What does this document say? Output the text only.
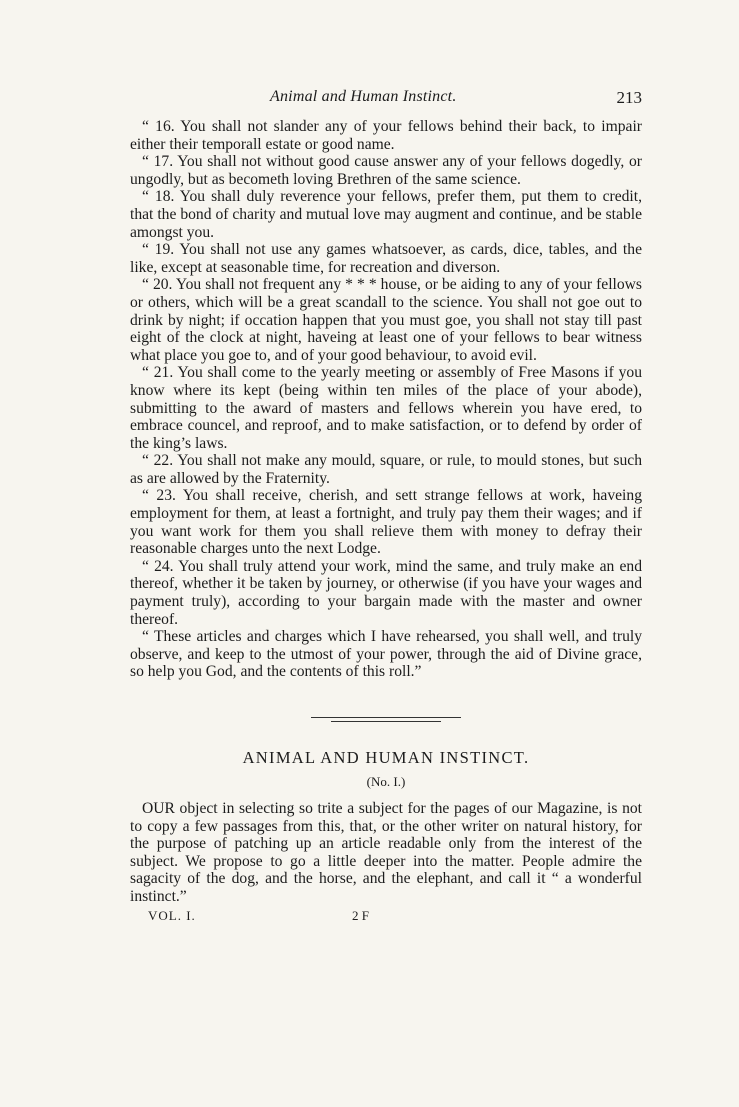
Animal and Human Instinct.	213

“ 16. You shall not slander any of your fellows behind their back, to impair either their temporall estate or good name.

“ 17. You shall not without good cause answer any of your fellows dogedly, or ungodly, but as becometh loving Brethren of the same science.

“ 18. You shall duly reverence your fellows, prefer them, put them to credit, that the bond of charity and mutual love may augment and continue, and be stable amongst you.

“ 19. You shall not use any games whatsoever, as cards, dice, tables, and the like, except at seasonable time, for recreation and diverson.

“ 20. You shall not frequent any * * * house, or be aiding to any of your fellows or others, which will be a great scandall to the science. You shall not goe out to drink by night; if occation happen that you must goe, you shall not stay till past eight of the clock at night, haveing at least one of your fellows to bear witness what place you goe to, and of your good behaviour, to avoid evil.

“ 21. You shall come to the yearly meeting or assembly of Free Masons if you know where its kept (being within ten miles of the place of your abode), submitting to the award of masters and fellows wherein you have ered, to embrace councel, and reproof, and to make satisfaction, or to defend by order of the king’s laws.

“ 22. You shall not make any mould, square, or rule, to mould stones, but such as are allowed by the Fraternity.

“ 23. You shall receive, cherish, and sett strange fellows at work, haveing employment for them, at least a fortnight, and truly pay them their wages; and if you want work for them you shall relieve them with money to defray their reasonable charges unto the next Lodge.

“ 24. You shall truly attend your work, mind the same, and truly make an end thereof, whether it be taken by journey, or otherwise (if you have your wages and payment truly), according to your bargain made with the master and owner thereof.

“ These articles and charges which I have rehearsed, you shall well, and truly observe, and keep to the utmost of your power, through the aid of Divine grace, so help you God, and the contents of this roll.”

ANIMAL AND HUMAN INSTINCT.
(No. I.)

OUR object in selecting so trite a subject for the pages of our Magazine, is not to copy a few passages from this, that, or the other writer on natural history, for the purpose of patching up an article readable only from the interest of the subject. We propose to go a little deeper into the matter. People admire the sagacity of the dog, and the horse, and the elephant, and call it “ a wonderful instinct.”

VOL. I.	2 F
